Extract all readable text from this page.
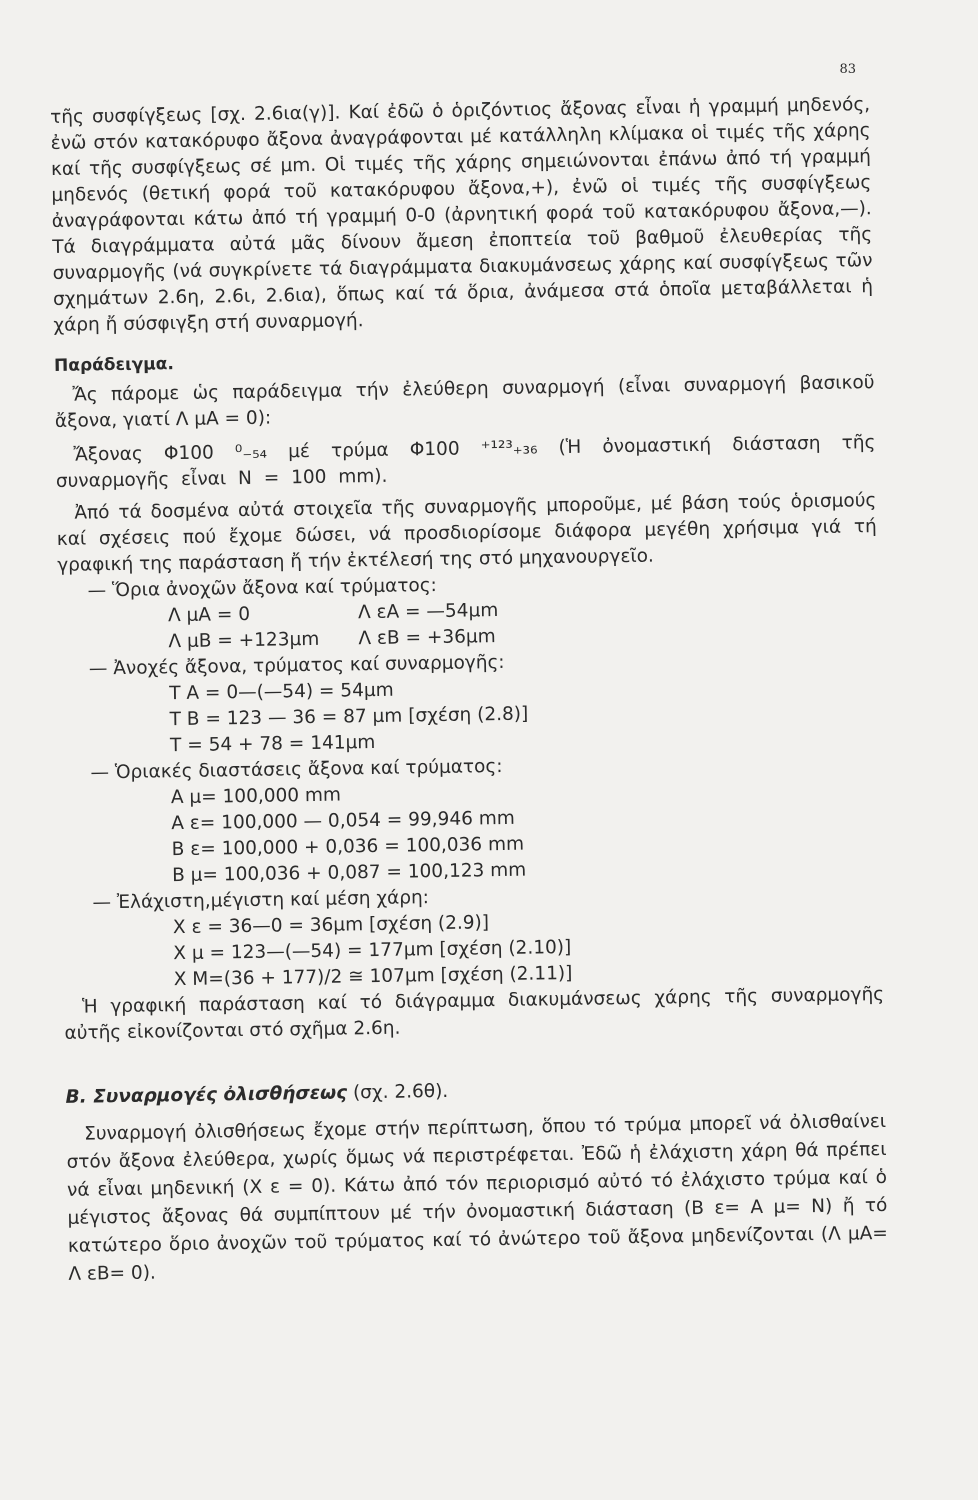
83

τῆς συσφίγξεως [σχ. 2.6ια(γ)]. Καί ἐδῶ ὁ ὁριζόντιος ἄξονας εἶναι ἡ γραμμή μηδενός, ἐνῶ στόν κατακόρυφο ἄξονα ἀναγράφονται μέ κατάλληλη κλίμακα οἱ τιμές τῆς χάρης καί τῆς συσφίγξεως σέ μm. Οἱ τιμές τῆς χάρης σημειώνονται ἐπάνω ἀπό τή γραμμή μηδενός (θετική φορά τοῦ κατακόρυφου ἄξονα,+), ἐνῶ οἱ τιμές τῆς συσφίγξεως ἀναγράφονται κάτω ἀπό τή γραμμή 0-0 (ἀρνητική φορά τοῦ κατακόρυφου ἄξονα,—). Τά διαγράμματα αὐτά μᾶς δίνουν ἄμεση ἐποπτεία τοῦ βαθμοῦ ἐλευθερίας τῆς συναρμογῆς (νά συγκρίνετε τά διαγράμματα διακυμάνσεως χάρης καί συσφίγξεως τῶν σχημάτων 2.6η, 2.6ι, 2.6ια), ὅπως καί τά ὅρια, ἀνάμεσα στά ὁποῖα μεταβάλλεται ἡ χάρη ἤ σύσφιγξη στή συναρμογή.

Παράδειγμα.

Ἄς πάρομε ὡς παράδειγμα τήν ἐλεύθερη συναρμογή (εἶναι συναρμογή βασικοῦ ἄξονα, γιατί Λ μΑ = 0):

Ἄξονας Φ100 ⁰₋₅₄ μέ τρύμα Φ100 ⁺¹²³₊₃₆ (Ἡ ὀνομαστική διάσταση τῆς συναρμογῆς εἶναι N = 100 mm).

Ἀπό τά δοσμένα αὐτά στοιχεῖα τῆς συναρμογῆς μποροῦμε, μέ βάση τούς ὁρισμούς καί σχέσεις πού ἔχομε δώσει, νά προσδιορίσομε διάφορα μεγέθη χρήσιμα γιά τή γραφική της παράσταση ἤ τήν ἐκτέλεσή της στό μηχανουργεῖο.

— Ὅρια ἀνοχῶν ἄξονα καί τρύματος:

Λ μΑ = 0	Λ εΑ = —54μm
Λ μΒ = +123μm	Λ εΒ = +36μm

— Ἀνοχές ἄξονα, τρύματος καί συναρμογῆς:

T A = 0—(—54) = 54μm

T B = 123 — 36 = 87 μm [σχέση (2.8)]

T = 54 + 78 = 141μm

— Ὁριακές διαστάσεις ἄξονα καί τρύματος:

A μ= 100,000 mm

A ε= 100,000 — 0,054 = 99,946 mm

B ε= 100,000 + 0,036 = 100,036 mm

B μ= 100,036 + 0,087 = 100,123 mm

— Ἐλάχιστη,μέγιστη καί μέση χάρη:

X ε = 36—0 = 36μm [σχέση (2.9)]

X μ = 123—(—54) = 177μm [σχέση (2.10)]

X M=(36 + 177)/2 ≅ 107μm [σχέση (2.11)]

Ἡ γραφική παράσταση καί τό διάγραμμα διακυμάνσεως χάρης τῆς συναρμογῆς αὐτῆς εἰκονίζονται στό σχῆμα 2.6η.

Β. Συναρμογές ὀλισθήσεως (σχ. 2.6θ).

Συναρμογή ὀλισθήσεως ἔχομε στήν περίπτωση, ὅπου τό τρύμα μπορεῖ νά ὀλισθαίνει στόν ἄξονα ἐλεύθερα, χωρίς ὅμως νά περιστρέφεται. Ἐδῶ ἡ ἐλάχιστη χάρη θά πρέπει νά εἶναι μηδενική (X ε = 0). Κάτω ἀπό τόν περιορισμό αὐτό τό ἐλάχιστο τρύμα καί ὁ μέγιστος ἄξονας θά συμπίπτουν μέ τήν ὀνομαστική διάσταση (B ε= A μ= N) ἤ τό κατώτερο ὅριο ἀνοχῶν τοῦ τρύματος καί τό ἀνώτερο τοῦ ἄξονα μηδενίζονται (Λ μΑ= Λ εΒ= 0).
